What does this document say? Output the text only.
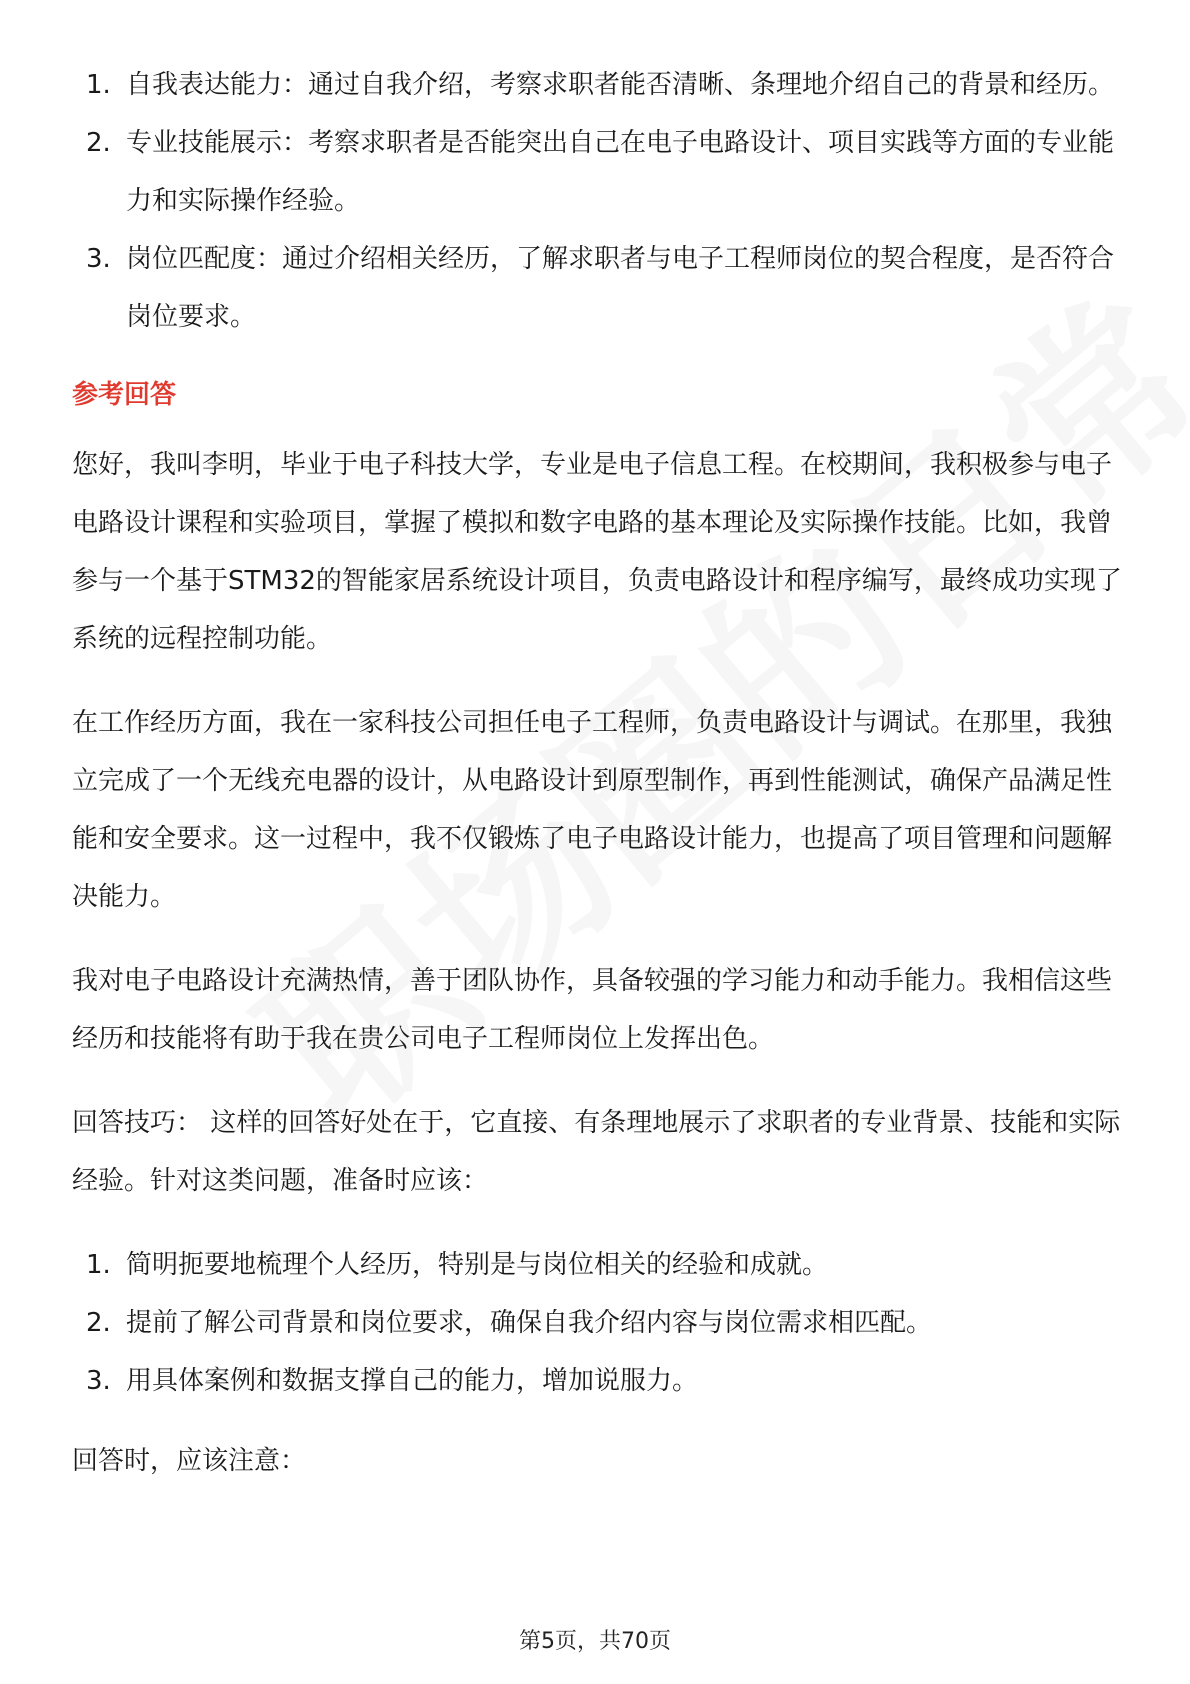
1. 自我表达能力：通过自我介绍，考察求职者能否清晰、条理地介绍自己的背景和经历。
2. 专业技能展示：考察求职者是否能突出自己在电子电路设计、项目实践等方面的专业能力和实际操作经验。
3. 岗位匹配度：通过介绍相关经历，了解求职者与电子工程师岗位的契合程度，是否符合岗位要求。
参考回答

您好，我叫李明，毕业于电子科技大学，专业是电子信息工程。在校期间，我积极参与电子电路设计课程和实验项目，掌握了模拟和数字电路的基本理论及实际操作技能。比如，我曾参与一个基于STM32的智能家居系统设计项目，负责电路设计和程序编写，最终成功实现了系统的远程控制功能。

在工作经历方面，我在一家科技公司担任电子工程师，负责电路设计与调试。在那里，我独立完成了一个无线充电器的设计，从电路设计到原型制作，再到性能测试，确保产品满足性能和安全要求。这一过程中，我不仅锻炼了电子电路设计能力，也提高了项目管理和问题解决能力。

我对电子电路设计充满热情，善于团队协作，具备较强的学习能力和动手能力。我相信这些经历和技能将有助于我在贵公司电子工程师岗位上发挥出色。

回答技巧： 这样的回答好处在于，它直接、有条理地展示了求职者的专业背景、技能和实际经验。针对这类问题，准备时应该：

1. 简明扼要地梳理个人经历，特别是与岗位相关的经验和成就。
2. 提前了解公司背景和岗位要求，确保自我介绍内容与岗位需求相匹配。
3. 用具体案例和数据支撑自己的能力，增加说服力。

回答时，应该注意：

第5页，共70页
